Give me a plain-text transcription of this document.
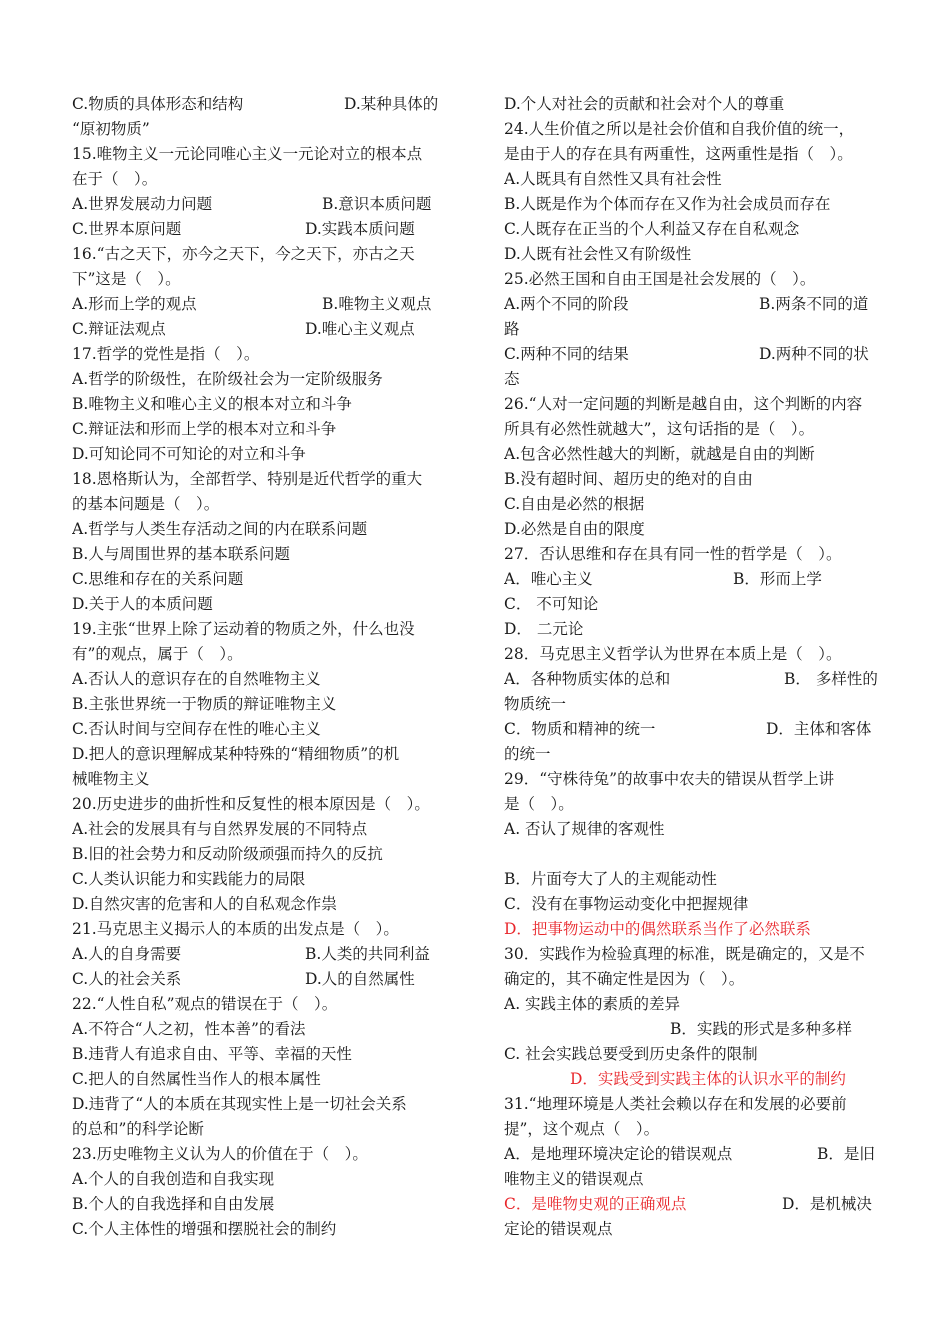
C.物质的具体形态和结构	D.某种具体的
“原初物质”
15.唯物主义一元论同唯心主义一元论对立的根本点
在于（　）。
A.世界发展动力问题	B.意识本质问题
C.世界本原问题	D.实践本质问题
16.“古之天下，亦今之天下，今之天下，亦古之天
下”这是（　）。
A.形而上学的观点	B.唯物主义观点
C.辩证法观点	D.唯心主义观点
17.哲学的党性是指（　）。
A.哲学的阶级性，在阶级社会为一定阶级服务
B.唯物主义和唯心主义的根本对立和斗争
C.辩证法和形而上学的根本对立和斗争
D.可知论同不可知论的对立和斗争
18.恩格斯认为，全部哲学、特别是近代哲学的重大
的基本问题是（　）。
A.哲学与人类生存活动之间的内在联系问题
B.人与周围世界的基本联系问题
C.思维和存在的关系问题
D.关于人的本质问题
19.主张“世界上除了运动着的物质之外，什么也没
有”的观点，属于（　）。
A.否认人的意识存在的自然唯物主义
B.主张世界统一于物质的辩证唯物主义
C.否认时间与空间存在性的唯心主义
D.把人的意识理解成某种特殊的“精细物质”的机
械唯物主义
20.历史进步的曲折性和反复性的根本原因是（　）。
A.社会的发展具有与自然界发展的不同特点
B.旧的社会势力和反动阶级顽强而持久的反抗
C.人类认识能力和实践能力的局限
D.自然灾害的危害和人的自私观念作祟
21.马克思主义揭示人的本质的出发点是（　）。
A.人的自身需要	B.人类的共同利益
C.人的社会关系	D.人的自然属性
22.“人性自私”观点的错误在于（　）。
A.不符合“人之初，性本善”的看法
B.违背人有追求自由、平等、幸福的天性
C.把人的自然属性当作人的根本属性
D.违背了“人的本质在其现实性上是一切社会关系
的总和”的科学论断
23.历史唯物主义认为人的价值在于（　）。
A.个人的自我创造和自我实现
B.个人的自我选择和自由发展
C.个人主体性的增强和摆脱社会的制约
D.个人对社会的贡献和社会对个人的尊重
24.人生价值之所以是社会价值和自我价值的统一，
是由于人的存在具有两重性，这两重性是指（　）。
A.人既具有自然性又具有社会性
B.人既是作为个体而存在又作为社会成员而存在
C.人既存在正当的个人利益又存在自私观念
D.人既有社会性又有阶级性
25.必然王国和自由王国是社会发展的（　）。
A.两个不同的阶段	B.两条不同的道
路
C.两种不同的结果	D.两种不同的状
态
26.“人对一定问题的判断是越自由，这个判断的内容
所具有必然性就越大”，这句话指的是（　）。
A.包含必然性越大的判断，就越是自由的判断
B.没有超时间、超历史的绝对的自由
C.自由是必然的根据
D.必然是自由的限度
27．否认思维和存在具有同一性的哲学是（　）。
A．唯心主义	B．形而上学
C． 不可知论
D． 二元论
28．马克思主义哲学认为世界在本质上是（　）。
A．各种物质实体的总和	B． 多样性的
物质统一
C．物质和精神的统一	D．主体和客体
的统一
29．“守株待兔”的故事中农夫的错误从哲学上讲
是（　）。
A. 否认了规律的客观性
B．片面夸大了人的主观能动性
C．没有在事物运动变化中把握规律
D．把事物运动中的偶然联系当作了必然联系
30．实践作为检验真理的标准，既是确定的，又是不
确定的，其不确定性是因为（　）。
A. 实践主体的素质的差异
B．实践的形式是多种多样
C. 社会实践总要受到历史条件的限制
D．实践受到实践主体的认识水平的制约
31.“地理环境是人类社会赖以存在和发展的必要前
提”，这个观点（　）。
A．是地理环境决定论的错误观点	B．是旧
唯物主义的错误观点
C．是唯物史观的正确观点	D．是机械决
定论的错误观点
